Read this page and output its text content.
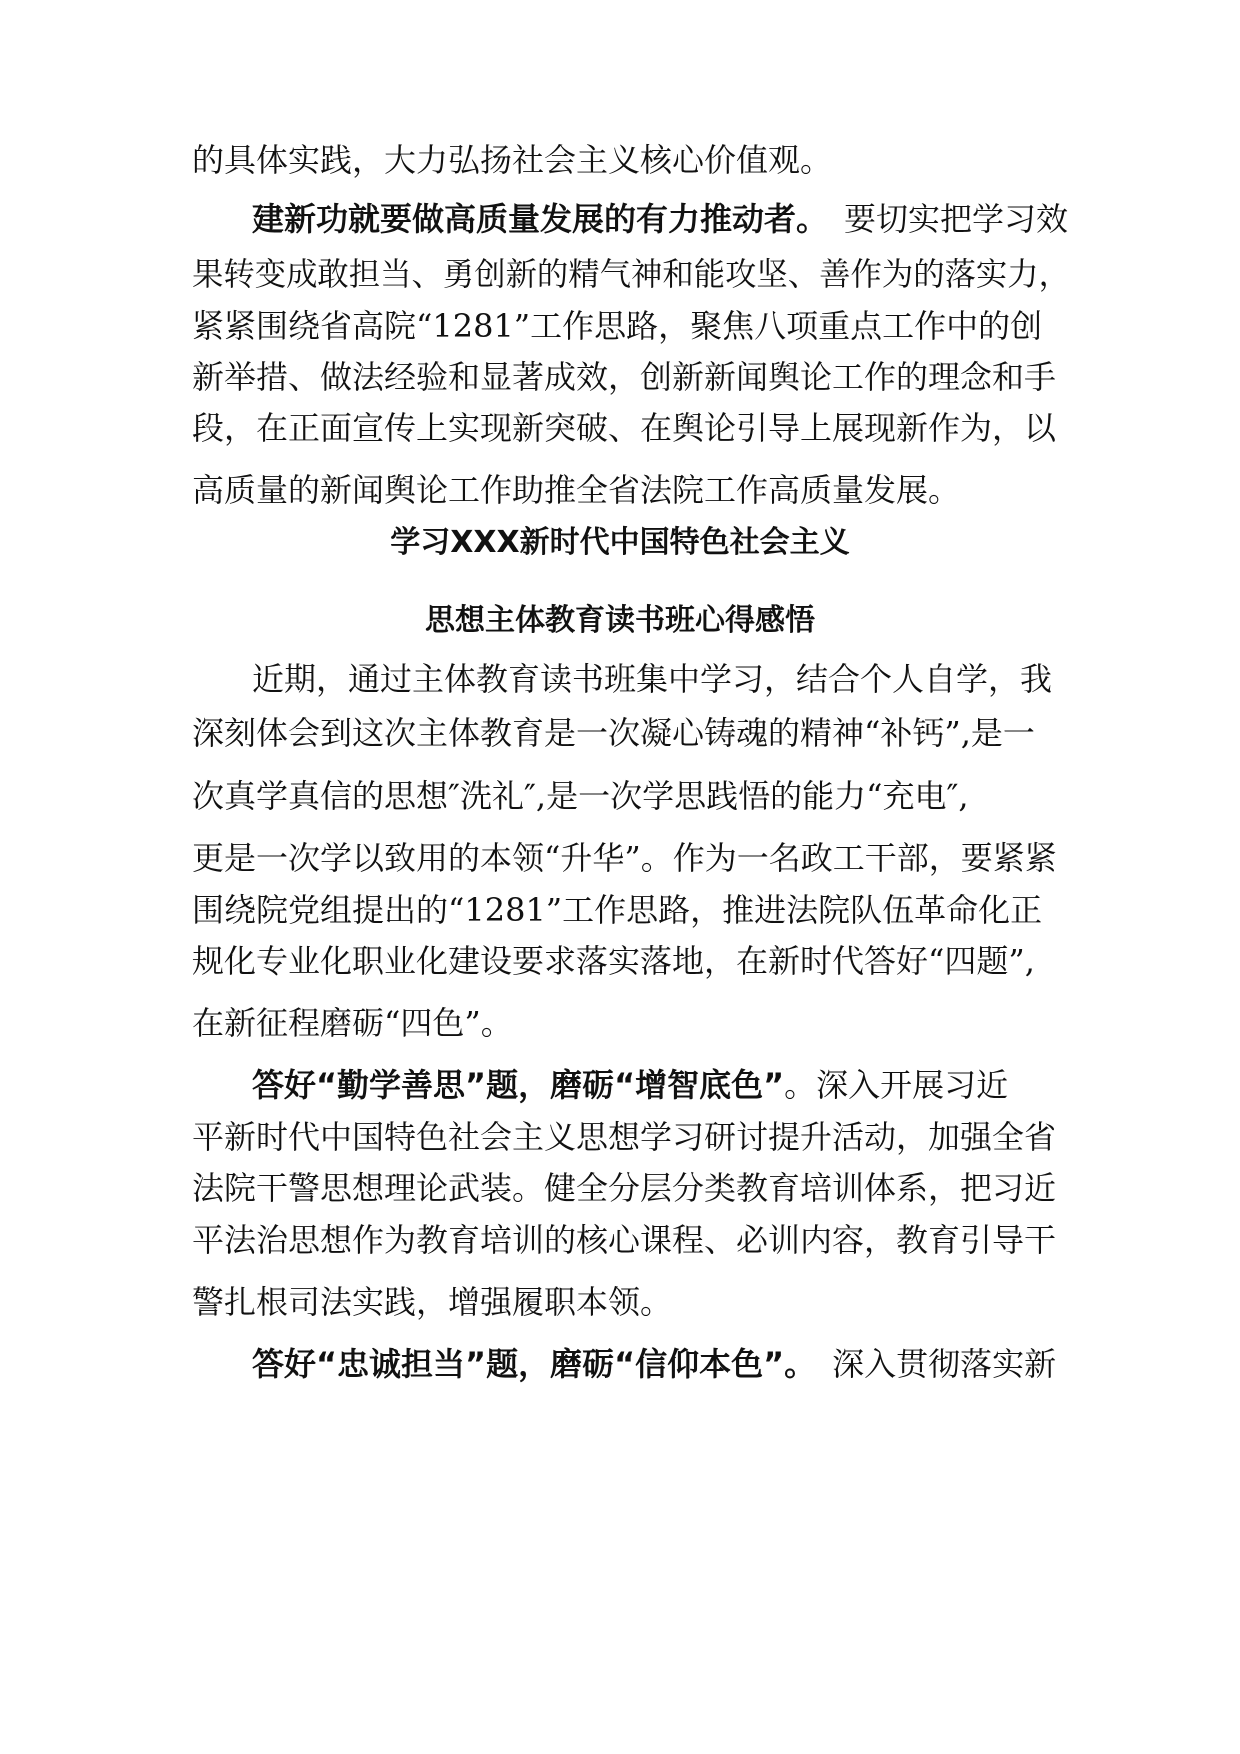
的具体实践，大力弘扬社会主义核心价值观。
建新功就要做高质量发展的有力推动者。　要切实把学习效
果转变成敢担当、勇创新的精气神和能攻坚、善作为的落实力，
紧紧围绕省高院“1281”工作思路，聚焦八项重点工作中的创
新举措、做法经验和显著成效，创新新闻舆论工作的理念和手
段，在正面宣传上实现新突破、在舆论引导上展现新作为，以
高质量的新闻舆论工作助推全省法院工作高质量发展。
学习XXX新时代中国特色社会主义
思想主体教育读书班心得感悟
近期，通过主体教育读书班集中学习，结合个人自学，我
深刻体会到这次主体教育是一次凝心铸魂的精神“补钙”,是一
次真学真信的思想″洗礼″,是一次学思践悟的能力“充电″,
更是一次学以致用的本领“升华”。作为一名政工干部，要紧紧
围绕院党组提出的“1281”工作思路，推进法院队伍革命化正
规化专业化职业化建设要求落实落地，在新时代答好“四题”,
在新征程磨砺“四色”。
答好“勤学善思”题，磨砺“增智底色”。深入开展习近
平新时代中国特色社会主义思想学习研讨提升活动，加强全省
法院干警思想理论武装。健全分层分类教育培训体系，把习近
平法治思想作为教育培训的核心课程、必训内容，教育引导干
警扎根司法实践，增强履职本领。
答好“忠诚担当”题，磨砺“信仰本色”。　深入贯彻落实新
